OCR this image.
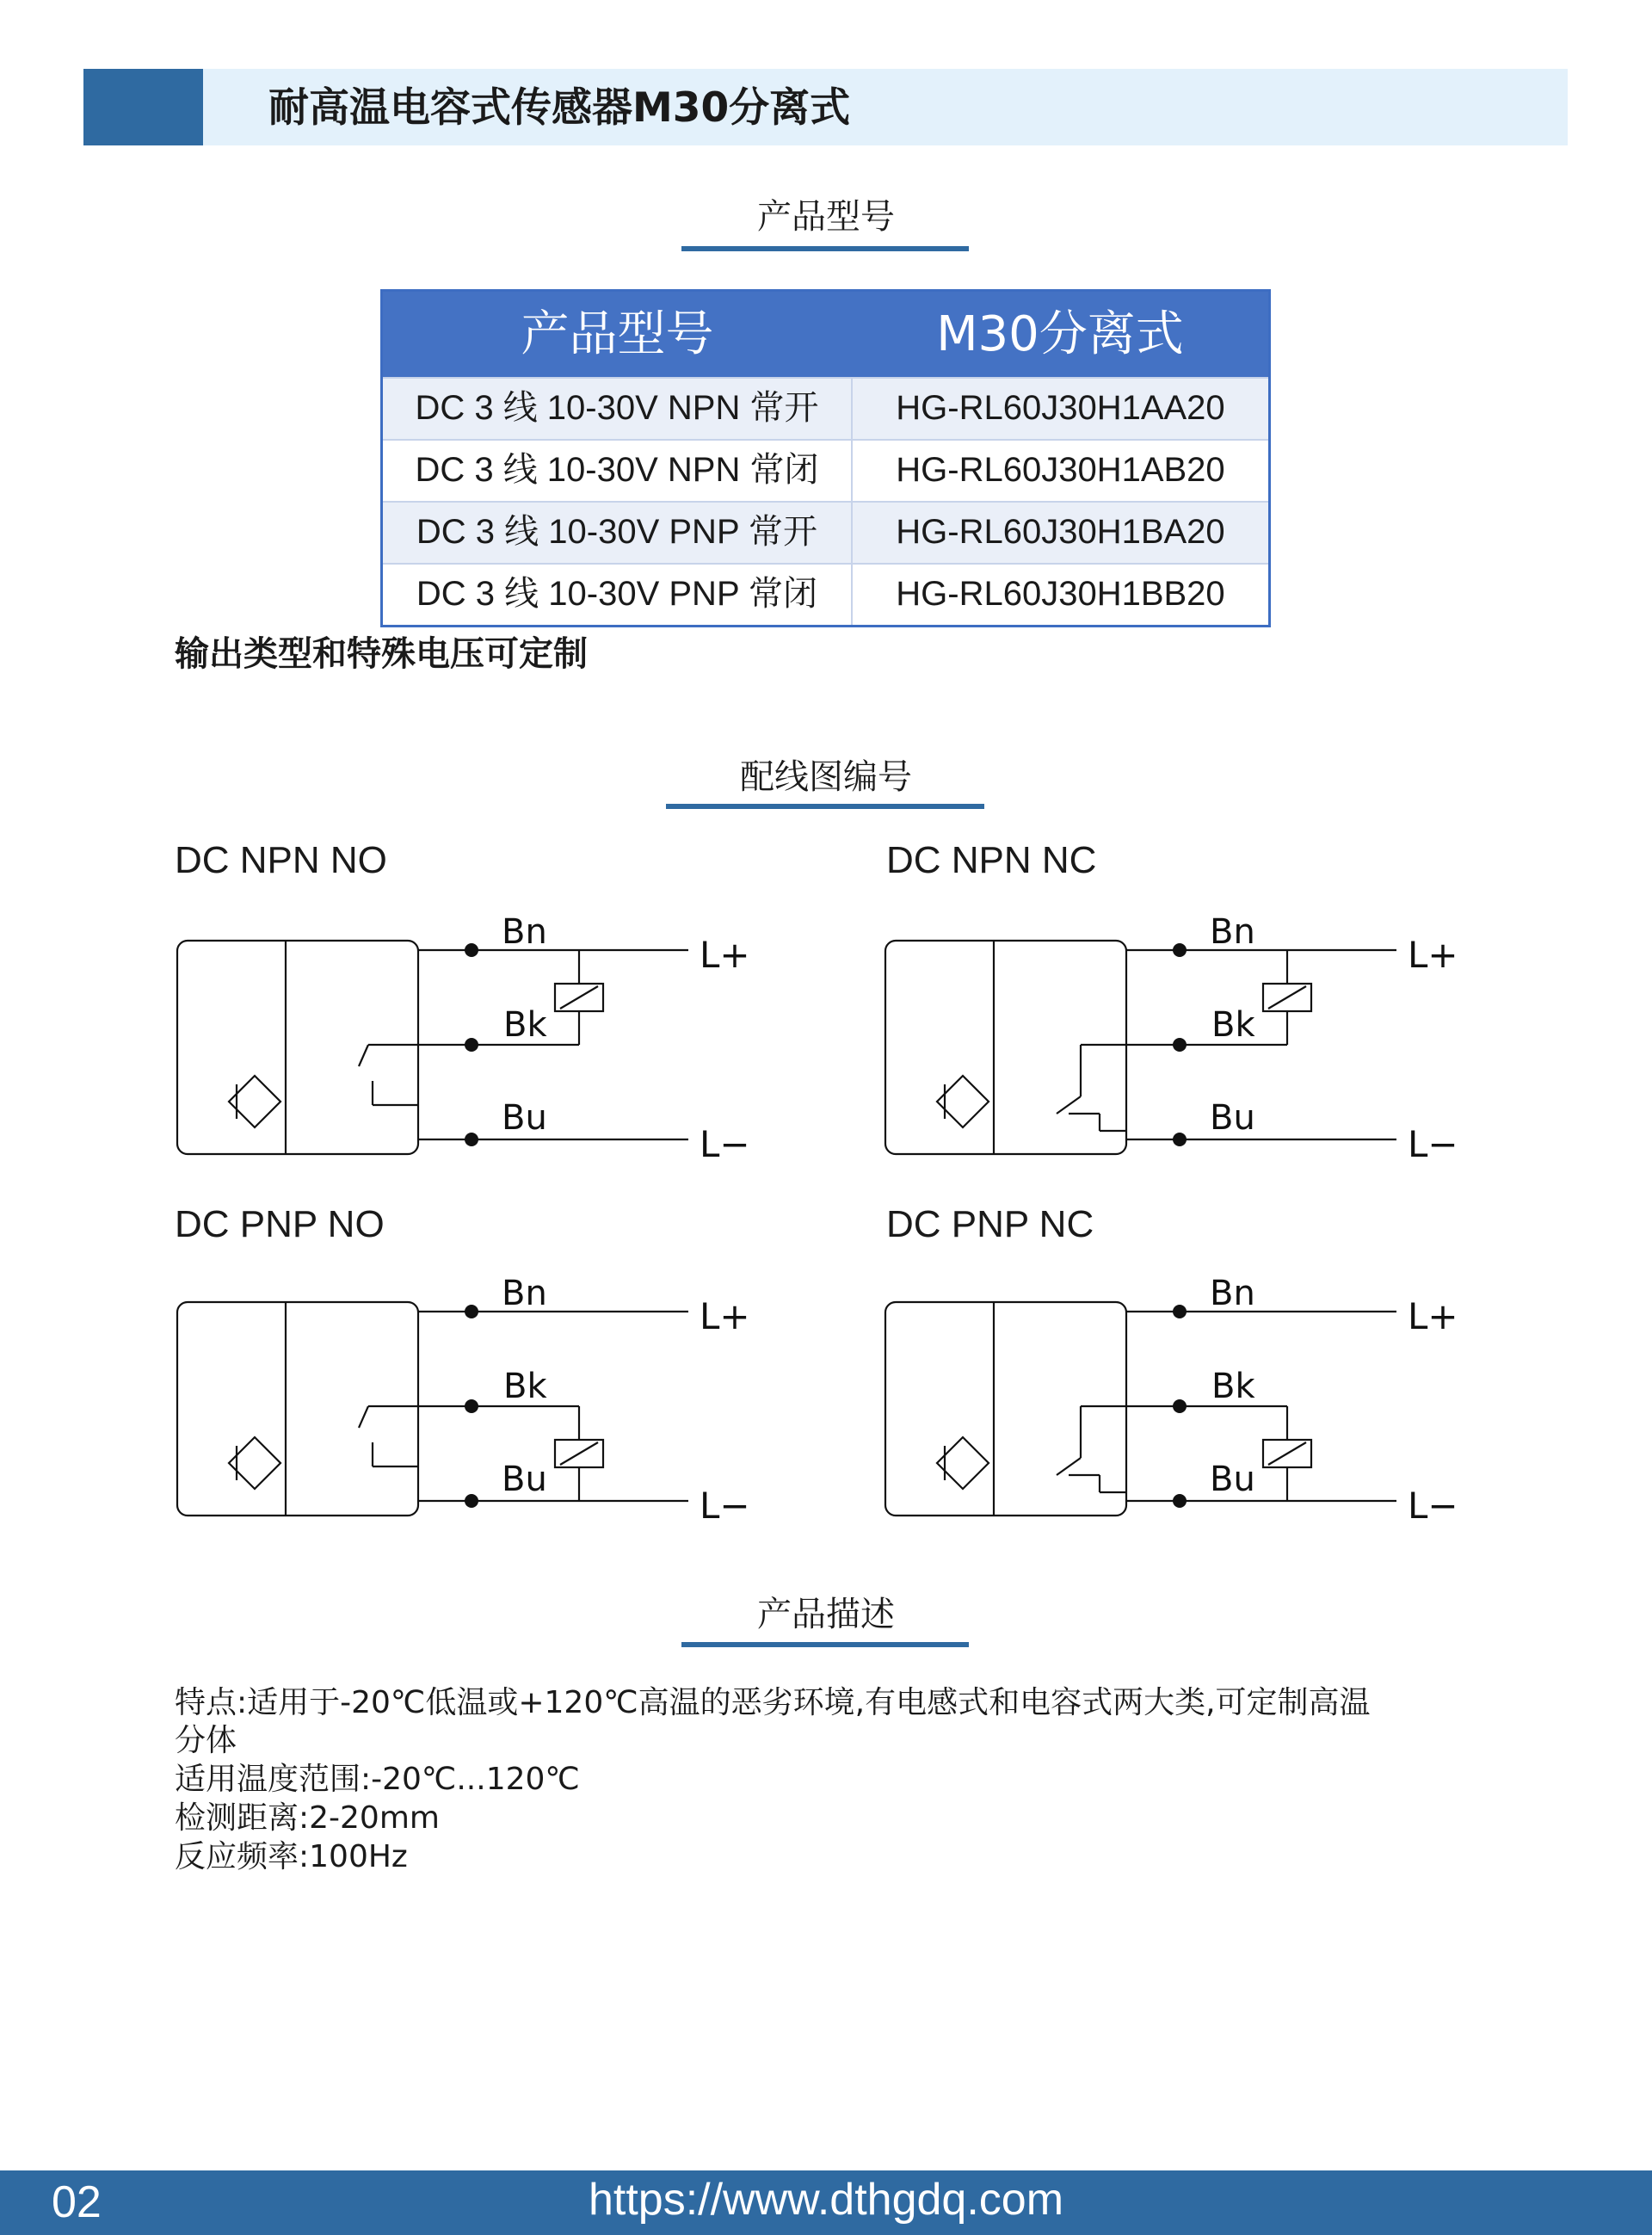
耐高温电容式传感器M30分离式
产品型号
产品型号	M30分离式
DC 3 线 10-30V NPN 常开	HG-RL60J30H1AA20
DC 3 线 10-30V NPN 常闭	HG-RL60J30H1AB20
DC 3 线 10-30V PNP 常开	HG-RL60J30H1BA20
DC 3 线 10-30V PNP 常闭	HG-RL60J30H1BB20
输出类型和特殊电压可定制
配线图编号
DC NPN NO	DC NPN NC
DC PNP NO	DC PNP NC
Bn
Bk
Bu
L+
L−
Bn
Bk
Bu
L+
L−
Bn
Bk
Bu
L+
L−
Bn
Bk
Bu
L+
L−
产品描述
特点:适用于-20℃低温或+120℃高温的恶劣环境,有电感式和电容式两大类,可定制高温
分体
适用温度范围:-20℃...120℃
检测距离:2-20mm
反应频率:100Hz
02	https://www.dthgdq.com
